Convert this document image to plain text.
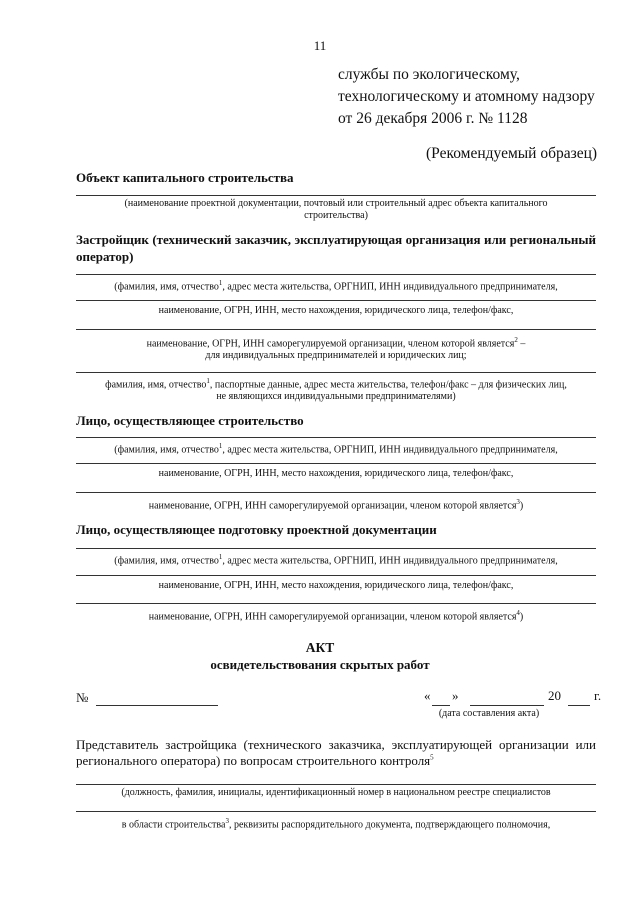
11
службы по экологическому,
технологическому и атомному надзору
от 26 декабря 2006 г. № 1128
(Рекомендуемый образец)
Объект капитального строительства
(наименование проектной документации, почтовый или строительный адрес объекта капитального
строительства)
Застройщик (технический заказчик, эксплуатирующая организация или региональный
оператор)
(фамилия, имя, отчество$^1$, адрес места жительства, ОРГНИП, ИНН индивидуального предпринимателя,
наименование, ОГРН, ИНН, место нахождения, юридического лица, телефон/факс,
наименование, ОГРН, ИНН саморегулируемой организации, членом которой является$^2$ –
для индивидуальных предпринимателей и юридических лиц;
фамилия, имя, отчество$^1$, паспортные данные, адрес места жительства, телефон/факс – для физических лиц,
не являющихся индивидуальными предпринимателями)
Лицо, осуществляющее строительство
(фамилия, имя, отчество$^1$, адрес места жительства, ОРГНИП, ИНН индивидуального предпринимателя,
наименование, ОГРН, ИНН, место нахождения, юридического лица, телефон/факс,
наименование, ОГРН, ИНН саморегулируемой организации, членом которой является$^3$)
Лицо, осуществляющее подготовку проектной документации
(фамилия, имя, отчество$^1$, адрес места жительства, ОРГНИП, ИНН индивидуального предпринимателя,
наименование, ОГРН, ИНН, место нахождения, юридического лица, телефон/факс,
наименование, ОГРН, ИНН саморегулируемой организации, членом которой является$^4$)
АКТ
освидетельствования скрытых работ
№	« »	20	г.
(дата составления акта)
Представитель застройщика (технического заказчика, эксплуатирующей организации или
регионального оператора) по вопросам строительного контроля$^5$
(должность, фамилия, инициалы, идентификационный номер в национальном реестре специалистов
в области строительства$^3$, реквизиты распорядительного документа, подтверждающего полномочия,
